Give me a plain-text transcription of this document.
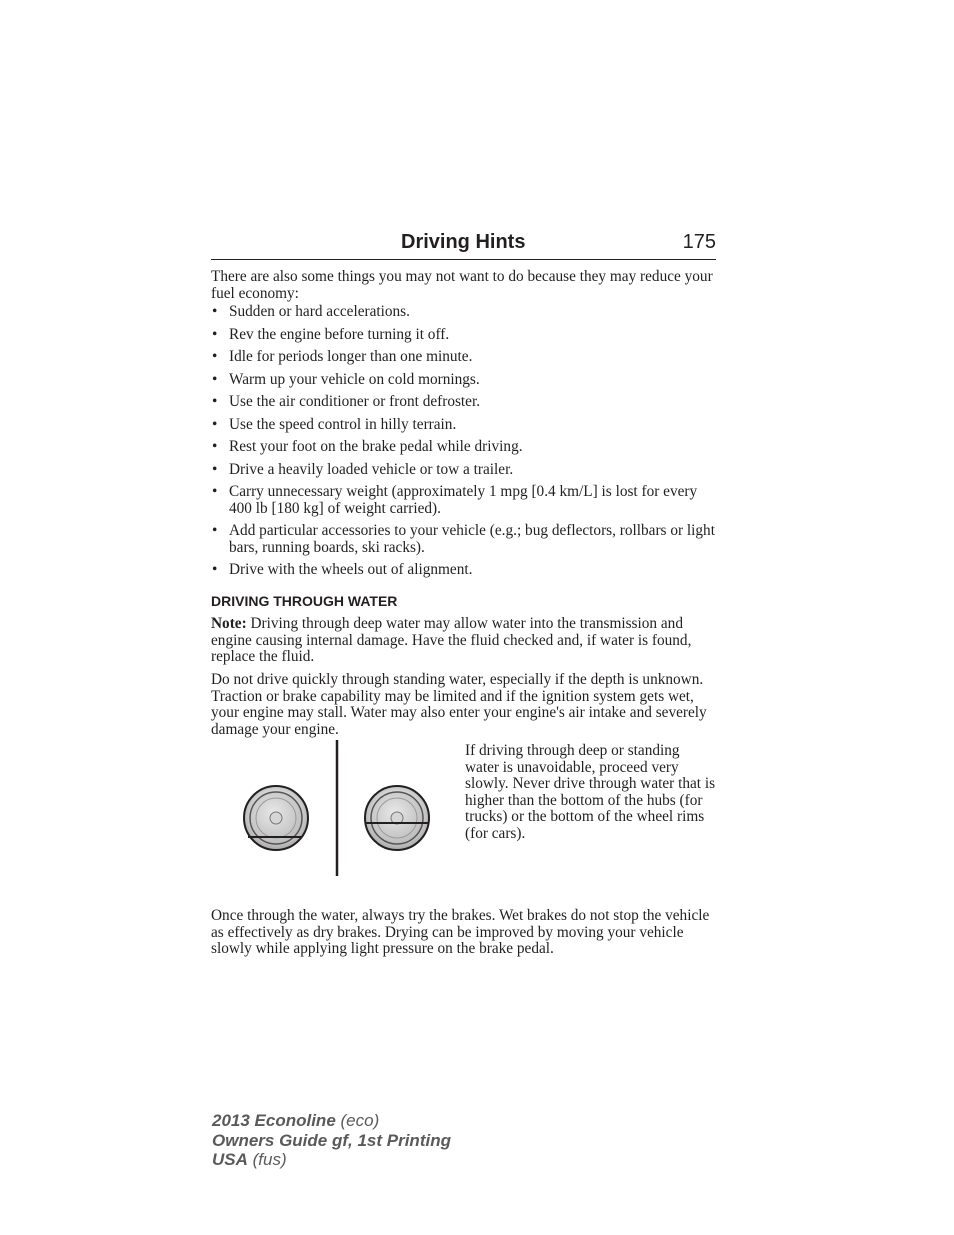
Driving Hints	175

There are also some things you may not want to do because they may reduce your fuel economy:

• Sudden or hard accelerations.
• Rev the engine before turning it off.
• Idle for periods longer than one minute.
• Warm up your vehicle on cold mornings.
• Use the air conditioner or front defroster.
• Use the speed control in hilly terrain.
• Rest your foot on the brake pedal while driving.
• Drive a heavily loaded vehicle or tow a trailer.
• Carry unnecessary weight (approximately 1 mpg [0.4 km/L] is lost for every 400 lb [180 kg] of weight carried).
• Add particular accessories to your vehicle (e.g.; bug deflectors, rollbars or light bars, running boards, ski racks).
• Drive with the wheels out of alignment.
DRIVING THROUGH WATER

Note: Driving through deep water may allow water into the transmission and engine causing internal damage. Have the fluid checked and, if water is found, replace the fluid.

Do not drive quickly through standing water, especially if the depth is unknown. Traction or brake capability may be limited and if the ignition system gets wet, your engine may stall. Water may also enter your engine's air intake and severely damage your engine.

If driving through deep or standing water is unavoidable, proceed very slowly. Never drive through water that is higher than the bottom of the hubs (for trucks) or the bottom of the wheel rims (for cars).

Once through the water, always try the brakes. Wet brakes do not stop the vehicle as effectively as dry brakes. Drying can be improved by moving your vehicle slowly while applying light pressure on the brake pedal.

2013 Econoline (eco)
Owners Guide gf, 1st Printing
USA (fus)
